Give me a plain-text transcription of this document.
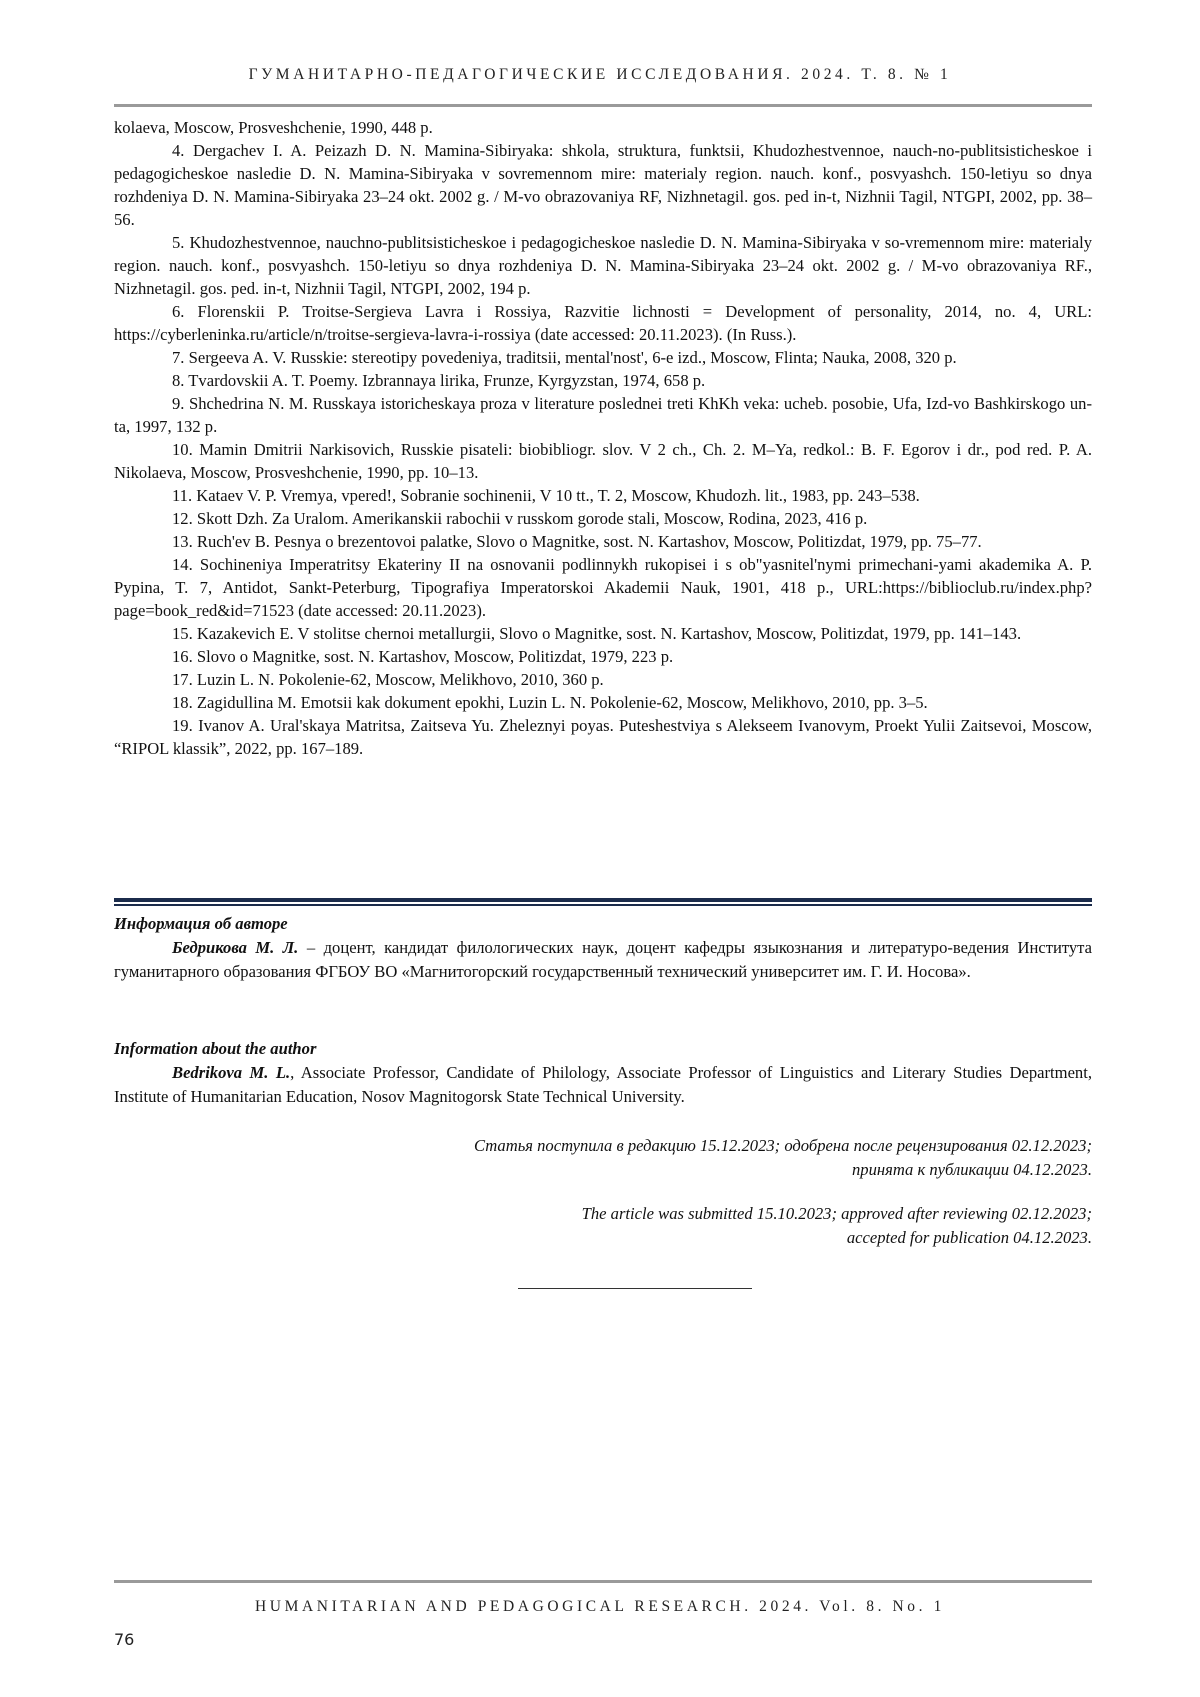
ГУМАНИТАРНО-ПЕДАГОГИЧЕСКИЕ ИССЛЕДОВАНИЯ. 2024. Т. 8. № 1

kolaeva, Moscow, Prosveshchenie, 1990, 448 p.

4. Dergachev I. A. Peizazh D. N. Mamina-Sibiryaka: shkola, struktura, funktsii, Khudozhestvennoe, nauch-no-publitsisticheskoe i pedagogicheskoe nasledie D. N. Mamina-Sibiryaka v sovremennom mire: materialy region. nauch. konf., posvyashch. 150-letiyu so dnya rozhdeniya D. N. Mamina-Sibiryaka 23–24 okt. 2002 g. / M-vo obrazovaniya RF, Nizhnetagil. gos. ped in-t, Nizhnii Tagil, NTGPI, 2002, pp. 38–56.

5. Khudozhestvennoe, nauchno-publitsisticheskoe i pedagogicheskoe nasledie D. N. Mamina-Sibiryaka v so-vremennom mire: materialy region. nauch. konf., posvyashch. 150-letiyu so dnya rozhdeniya D. N. Mamina-Sibiryaka 23–24 okt. 2002 g. / M-vo obrazovaniya RF., Nizhnetagil. gos. ped. in-t, Nizhnii Tagil, NTGPI, 2002, 194 p.

6. Florenskii P. Troitse-Sergieva Lavra i Rossiya, Razvitie lichnosti = Development of personality, 2014, no. 4, URL: https://cyberleninka.ru/article/n/troitse-sergieva-lavra-i-rossiya (date accessed: 20.11.2023). (In Russ.).

7. Sergeeva A. V. Russkie: stereotipy povedeniya, traditsii, mental'nost', 6-e izd., Moscow, Flinta; Nauka, 2008, 320 p.

8. Tvardovskii A. T. Poemy. Izbrannaya lirika, Frunze, Kyrgyzstan, 1974, 658 p.

9. Shchedrina N. M. Russkaya istoricheskaya proza v literature poslednei treti KhKh veka: ucheb. posobie, Ufa, Izd-vo Bashkirskogo un-ta, 1997, 132 p.

10. Mamin Dmitrii Narkisovich, Russkie pisateli: biobibliogr. slov. V 2 ch., Ch. 2. M–Ya, redkol.: B. F. Egorov i dr., pod red. P. A. Nikolaeva, Moscow, Prosveshchenie, 1990, pp. 10–13.

11. Kataev V. P. Vremya, vpered!, Sobranie sochinenii, V 10 tt., T. 2, Moscow, Khudozh. lit., 1983, pp. 243–538.

12. Skott Dzh. Za Uralom. Amerikanskii rabochii v russkom gorode stali, Moscow, Rodina, 2023, 416 p.

13. Ruch'ev B. Pesnya o brezentovoi palatke, Slovo o Magnitke, sost. N. Kartashov, Moscow, Politizdat, 1979, pp. 75–77.

14. Sochineniya Imperatritsy Ekateriny II na osnovanii podlinnykh rukopisei i s ob"yasnitel'nymi primechani-yami akademika A. P. Pypina, T. 7, Antidot, Sankt-Peterburg, Tipografiya Imperatorskoi Akademii Nauk, 1901, 418 p., URL:https://biblioclub.ru/index.php?page=book_red&id=71523 (date accessed: 20.11.2023).

15. Kazakevich E. V stolitse chernoi metallurgii, Slovo o Magnitke, sost. N. Kartashov, Moscow, Politizdat, 1979, pp. 141–143.

16. Slovo o Magnitke, sost. N. Kartashov, Moscow, Politizdat, 1979, 223 p.

17. Luzin L. N. Pokolenie-62, Moscow, Melikhovo, 2010, 360 p.

18. Zagidullina M. Emotsii kak dokument epokhi, Luzin L. N. Pokolenie-62, Moscow, Melikhovo, 2010, pp. 3–5.

19. Ivanov A. Ural'skaya Matritsa, Zaitseva Yu. Zheleznyi poyas. Puteshestviya s Alekseem Ivanovym, Proekt Yulii Zaitsevoi, Moscow, “RIPOL klassik”, 2022, pp. 167–189.

Информация об авторе

Бедрикова М. Л. – доцент, кандидат филологических наук, доцент кафедры языкознания и литературо-ведения Института гуманитарного образования ФГБОУ ВО «Магнитогорский государственный технический университет им. Г. И. Носова».

Information about the author

Bedrikova M. L., Associate Professor, Candidate of Philology, Associate Professor of Linguistics and Literary Studies Department, Institute of Humanitarian Education, Nosov Magnitogorsk State Technical University.

Статья поступила в редакцию 15.12.2023; одобрена после рецензирования 02.12.2023;

принята к публикации 04.12.2023.

The article was submitted 15.10.2023; approved after reviewing 02.12.2023;

accepted for publication 04.12.2023.

HUMANITARIAN AND PEDAGOGICAL RESEARCH. 2024. Vol. 8. No. 1
76
